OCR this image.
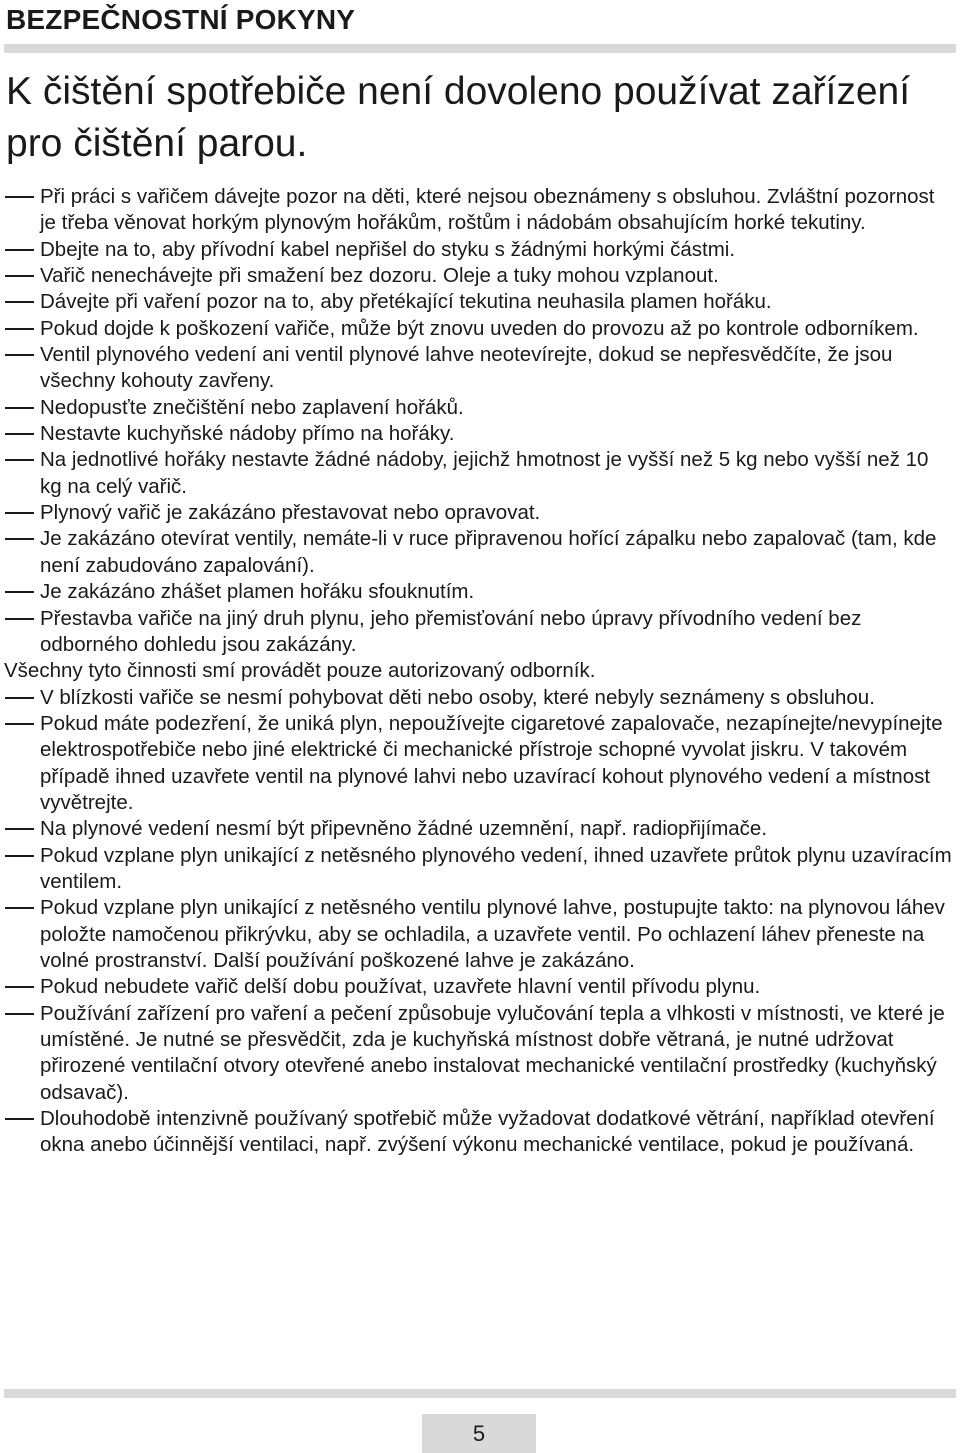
BEZPEČNOSTNÍ POKYNY
K čištění spotřebiče není dovoleno používat zařízení pro čištění parou.
Při práci s vařičem dávejte pozor na děti, které nejsou obeznámeny s obsluhou. Zvláštní pozornost je třeba věnovat horkým plynovým hořákům, roštům i nádobám obsahujícím horké tekutiny.
Dbejte na to, aby přívodní kabel nepřišel do styku s žádnými horkými částmi.
Vařič nenechávejte při smažení bez dozoru. Oleje a tuky mohou vzplanout.
Dávejte při vaření pozor na to, aby přetékající tekutina neuhasila plamen hořáku.
Pokud dojde k poškození vařiče, může být znovu uveden do provozu až po kontrole odborníkem.
Ventil plynového vedení ani ventil plynové lahve neotevírejte, dokud se nepřesvědčíte, že jsou všechny kohouty zavřeny.
Nedopusťte znečištění nebo zaplavení hořáků.
Nestavte kuchyňské nádoby přímo na hořáky.
Na jednotlivé hořáky nestavte žádné nádoby, jejichž hmotnost je vyšší než 5 kg nebo vyšší než 10 kg na celý vařič.
Plynový vařič je zakázáno přestavovat nebo opravovat.
Je zakázáno otevírat ventily, nemáte-li v ruce připravenou hořící zápalku nebo zapalovač (tam, kde není zabudováno zapalování).
Je zakázáno zhášet plamen hořáku sfouknutím.
Přestavba vařiče na jiný druh plynu, jeho přemisťování nebo úpravy přívodního vedení bez odborného dohledu jsou zakázány.
Všechny tyto činnosti smí provádět pouze autorizovaný odborník.
V blízkosti vařiče se nesmí pohybovat děti nebo osoby, které nebyly seznámeny s obsluhou.
Pokud máte podezření, že uniká plyn, nepoužívejte cigaretové zapalovače, nezapínejte/nevypínejte elektrospotřebiče nebo jiné elektrické či mechanické přístroje schopné vyvolat jiskru. V takovém případě ihned uzavřete ventil na plynové lahvi nebo uzavírací kohout plynového vedení a místnost vyvětrejte.
Na plynové vedení nesmí být připevněno žádné uzemnění, např. radiopřijímače.
Pokud vzplane plyn unikající z netěsného plynového vedení, ihned uzavřete průtok plynu uzavíracím ventilem.
Pokud vzplane plyn unikající z netěsného ventilu plynové lahve, postupujte takto: na plynovou láhev položte namočenou přikrývku, aby se ochladila, a uzavřete ventil. Po ochlazení láhev přeneste na volné prostranství. Další používání poškozené lahve je zakázáno.
Pokud nebudete vařič delší dobu používat, uzavřete hlavní ventil přívodu plynu.
Používání zařízení pro vaření a pečení způsobuje vylučování tepla a vlhkosti v místnosti, ve které je umístěné. Je nutné se přesvědčit, zda je kuchyňská místnost dobře větraná, je nutné udržovat přirozené ventilační otvory otevřené anebo instalovat mechanické ventilační prostředky (kuchyňský odsavač).
Dlouhodobě intenzivně používaný spotřebič může vyžadovat dodatkové větrání, například otevření okna anebo účinnější ventilaci, např. zvýšení výkonu mechanické ventilace, pokud je používaná.
5
